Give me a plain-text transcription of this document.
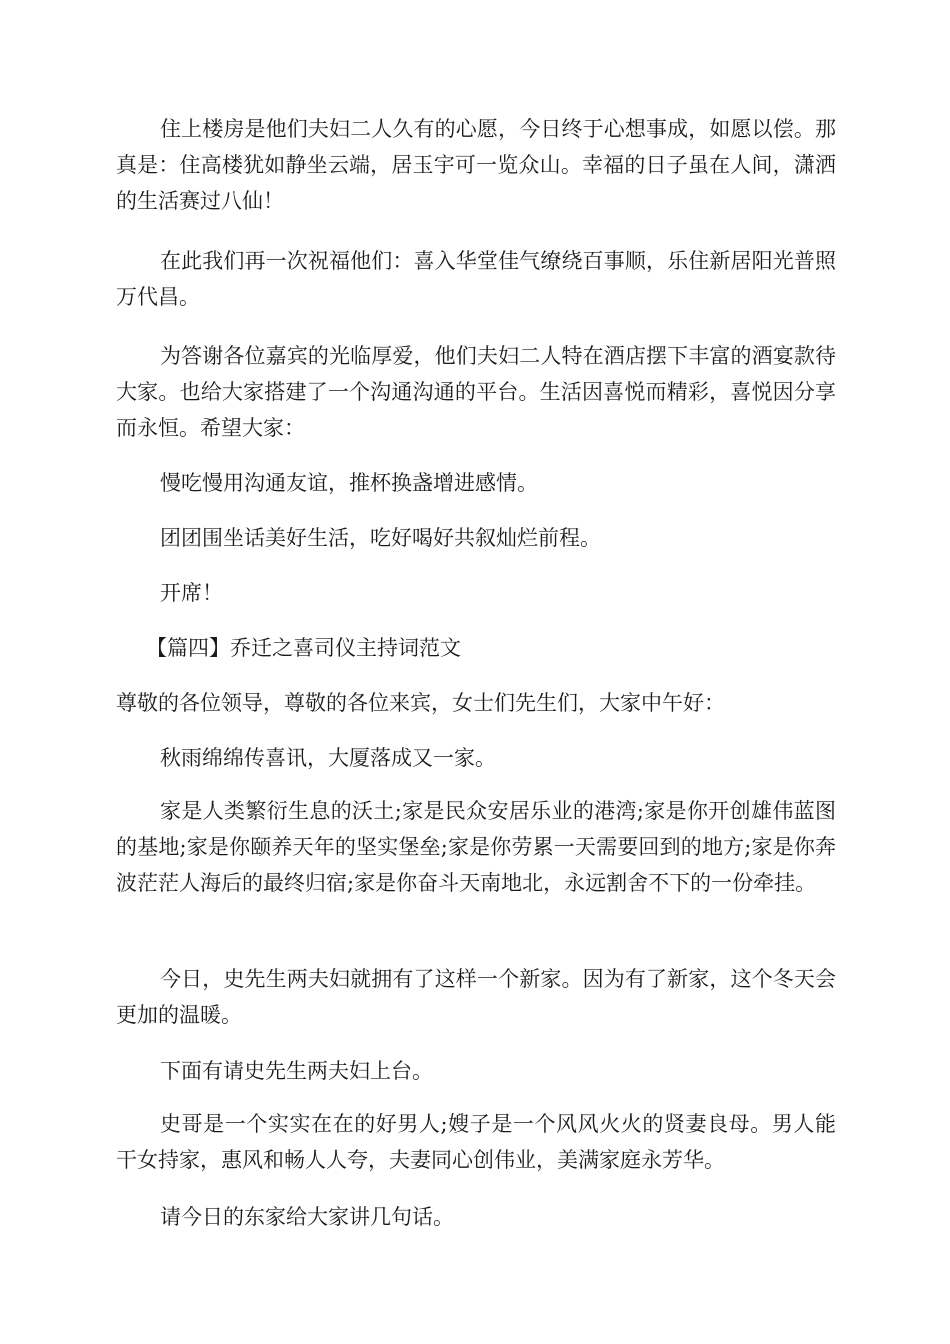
住上楼房是他们夫妇二人久有的心愿，今日终于心想事成，如愿以偿。那真是：住高楼犹如静坐云端，居玉宇可一览众山。幸福的日子虽在人间，潇洒的生活赛过八仙！

在此我们再一次祝福他们：喜入华堂佳气缭绕百事顺，乐住新居阳光普照万代昌。

为答谢各位嘉宾的光临厚爱，他们夫妇二人特在酒店摆下丰富的酒宴款待大家。也给大家搭建了一个沟通沟通的平台。生活因喜悦而精彩，喜悦因分享而永恒。希望大家：

慢吃慢用沟通友谊，推杯换盏增进感情。

团团围坐话美好生活，吃好喝好共叙灿烂前程。

开席！

【篇四】乔迁之喜司仪主持词范文

尊敬的各位领导，尊敬的各位来宾，女士们先生们，大家中午好：

秋雨绵绵传喜讯，大厦落成又一家。

家是人类繁衍生息的沃土;家是民众安居乐业的港湾;家是你开创雄伟蓝图的基地;家是你颐养天年的坚实堡垒;家是你劳累一天需要回到的地方;家是你奔波茫茫人海后的最终归宿;家是你奋斗天南地北，永远割舍不下的一份牵挂。

今日，史先生两夫妇就拥有了这样一个新家。因为有了新家，这个冬天会更加的温暖。

下面有请史先生两夫妇上台。

史哥是一个实实在在的好男人;嫂子是一个风风火火的贤妻良母。男人能干女持家，惠风和畅人人夸，夫妻同心创伟业，美满家庭永芳华。

请今日的东家给大家讲几句话。
